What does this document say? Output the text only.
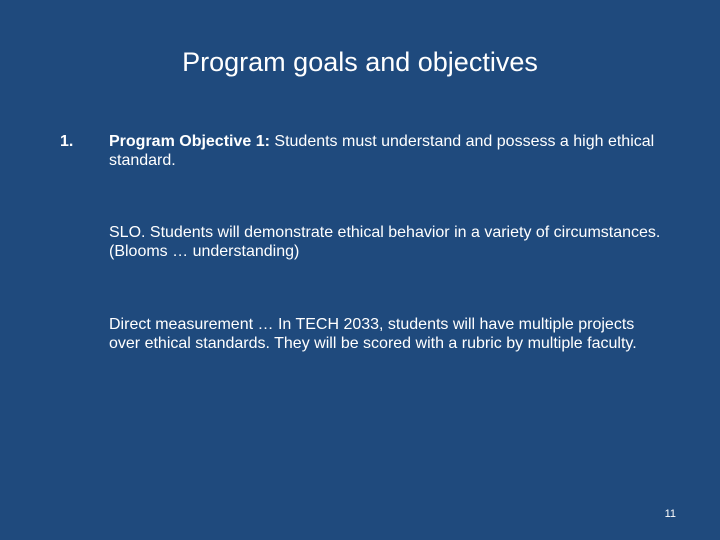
Program goals and objectives
1. Program Objective 1: Students must understand and possess a high ethical standard.
SLO. Students will demonstrate ethical behavior in a variety of circumstances. (Blooms … understanding)
Direct measurement … In TECH 2033, students will have multiple projects over ethical standards. They will be scored with a rubric by multiple faculty.
11
